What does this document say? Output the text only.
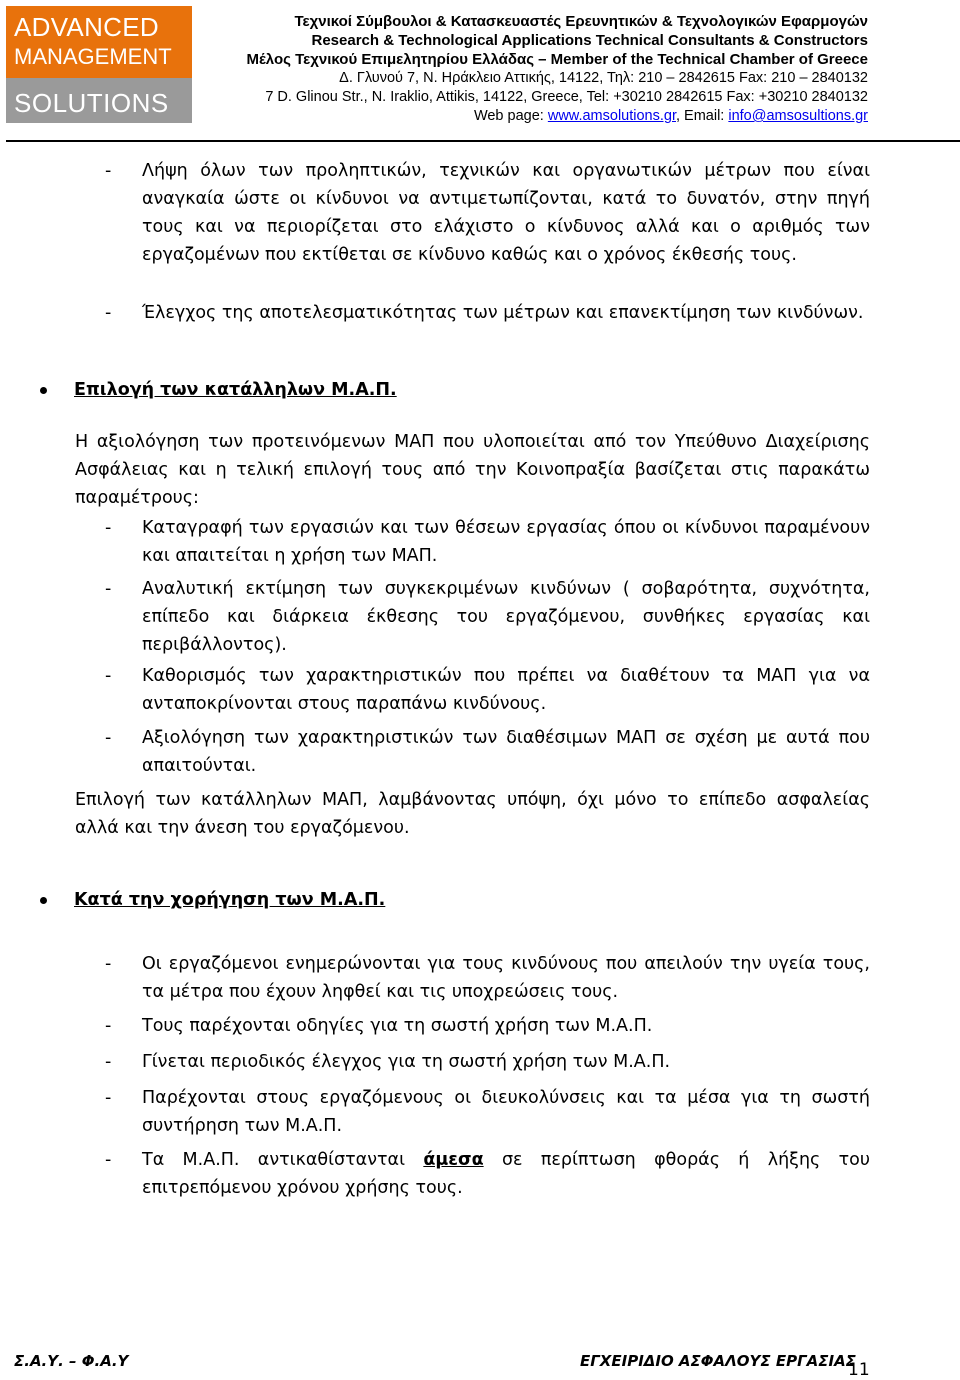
ADVANCED
MANAGEMENT
SOLUTIONS
Τεχνικοί Σύμβουλοι & Κατασκευαστές Ερευνητικών & Τεχνολογικών Εφαρμογών
Research & Technological Applications Technical Consultants & Constructors
Μέλος Τεχνικού Επιμελητηρίου Ελλάδας – Member of the Technical Chamber of Greece
Δ. Γλυνού 7, Ν. Ηράκλειο Αττικής, 14122, Τηλ: 210 – 2842615 Fax: 210 – 2840132
7 D. Glinou Str., N. Iraklio, Attikis, 14122, Greece, Tel: +30210 2842615 Fax: +30210 2840132
Web page: www.amsolutions.gr, Email: info@amsosultions.gr
- Λήψη όλων των προληπτικών, τεχνικών και οργανωτικών μέτρων που είναι αναγκαία ώστε οι κίνδυνοι να αντιμετωπίζονται, κατά το δυνατόν, στην πηγή τους και να περιορίζεται στο ελάχιστο ο κίνδυνος αλλά και ο αριθμός των εργαζομένων που εκτίθεται σε κίνδυνο καθώς και ο χρόνος έκθεσής τους.
- Έλεγχος της αποτελεσματικότητας των μέτρων και επανεκτίμηση των κινδύνων.
Επιλογή των κατάλληλων Μ.Α.Π.
Η αξιολόγηση των προτεινόμενων ΜΑΠ που υλοποιείται από τον Υπεύθυνο Διαχείρισης Ασφάλειας και η τελική επιλογή τους από την Κοινοπραξία βασίζεται στις παρακάτω παραμέτρους:
- Καταγραφή των εργασιών και των θέσεων εργασίας όπου οι κίνδυνοι παραμένουν και απαιτείται η χρήση των ΜΑΠ.
- Αναλυτική εκτίμηση των συγκεκριμένων κινδύνων ( σοβαρότητα, συχνότητα, επίπεδο και διάρκεια έκθεσης του εργαζόμενου, συνθήκες εργασίας και περιβάλλοντος).
- Καθορισμός των χαρακτηριστικών που πρέπει να διαθέτουν τα ΜΑΠ για να ανταποκρίνονται στους παραπάνω κινδύνους.
- Αξιολόγηση των χαρακτηριστικών των διαθέσιμων ΜΑΠ σε σχέση με αυτά που απαιτούνται.
Επιλογή των κατάλληλων ΜΑΠ, λαμβάνοντας υπόψη, όχι μόνο το επίπεδο ασφαλείας αλλά και την άνεση του εργαζόμενου.
Κατά την χορήγηση των Μ.Α.Π.
- Οι εργαζόμενοι ενημερώνονται για τους κινδύνους που απειλούν την υγεία τους, τα μέτρα που έχουν ληφθεί και τις υποχρεώσεις τους.
- Τους παρέχονται οδηγίες για τη σωστή χρήση των Μ.Α.Π.
- Γίνεται περιοδικός έλεγχος για τη σωστή χρήση των Μ.Α.Π.
- Παρέχονται στους εργαζόμενους οι διευκολύνσεις και τα μέσα για τη σωστή συντήρηση των Μ.Α.Π.
- Τα Μ.Α.Π. αντικαθίστανται άμεσα σε περίπτωση φθοράς ή λήξης του επιτρεπόμενου χρόνου χρήσης τους.
Σ.Α.Υ. – Φ.Α.Υ	ΕΓΧΕΙΡΙΔΙΟ ΑΣΦΑΛΟΥΣ ΕΡΓΑΣΙΑΣ
11
